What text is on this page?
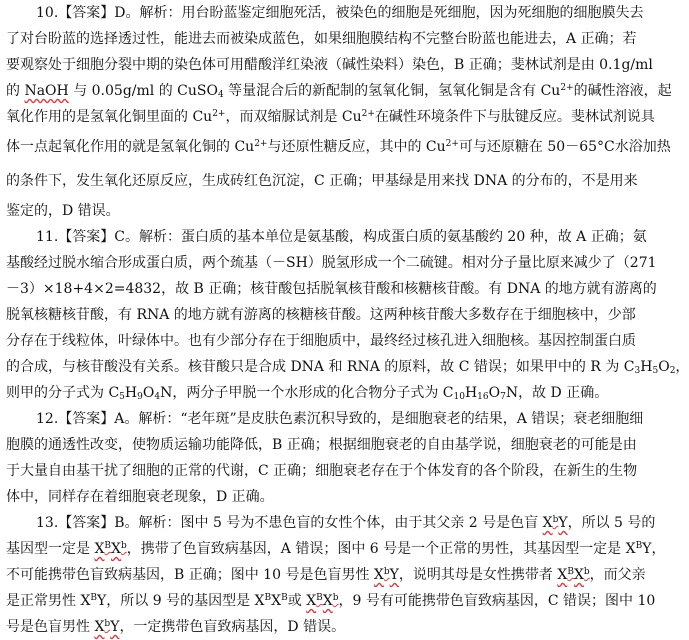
10.【答案】D。解析：用台盼蓝鉴定细胞死活，被染色的细胞是死细胞，因为死细胞的细胞膜失去
了对台盼蓝的选择透过性，能进去而被染成蓝色，如果细胞膜结构不完整台盼蓝也能进去，A 正确；若
要观察处于细胞分裂中期的染色体可用醋酸洋红染液（碱性染料）染色，B 正确；斐林试剂是由 0.1g/ml
的 NaOH 与 0.05g/ml 的 CuSO$_4$ 等量混合后的新配制的氢氧化铜，氢氧化铜是含有 $Cu^{2+}$的碱性溶液，起
氧化作用的是氢氧化铜里面的 $Cu^{2+}$，而双缩脲试剂是 $Cu^{2+}$在碱性环境条件下与肽键反应。斐林试剂说具
体一点起氧化作用的就是氢氧化铜的 $Cu^{2+}$与还原性糖反应，其中的 $Cu^{2+}$可与还原糖在 50－65°C水浴加热
的条件下，发生氧化还原反应，生成砖红色沉淀，C 正确；甲基绿是用来找 DNA 的分布的，不是用来
鉴定的，D 错误。
11.【答案】C。解析：蛋白质的基本单位是氨基酸，构成蛋白质的氨基酸约 20 种，故 A 正确；氨
基酸经过脱水缩合形成蛋白质，两个巯基（－SH）脱氢形成一个二硫键。相对分子量比原来减少了（271
－3）×18+4×2=4832，故 B 正确；核苷酸包括脱氧核苷酸和核糖核苷酸。有 DNA 的地方就有游离的
脱氧核糖核苷酸，有 RNA 的地方就有游离的核糖核苷酸。这两种核苷酸大多数存在于细胞核中，少部
分存在于线粒体，叶绿体中。也有少部分存在于细胞质中，最终经过核孔进入细胞核。基因控制蛋白质
的合成，与核苷酸没有关系。核苷酸只是合成 DNA 和 RNA 的原料，故 C 错误；如果甲中的 R 为 $C_3H_5O_2$，
则甲的分子式为 $C_5H_9O_4N$，两分子甲脱一个水形成的化合物分子式为 $C_{10}H_{16}O_7N$，故 D 正确。
12.【答案】A。解析：“老年斑”是皮肤色素沉积导致的，是细胞衰老的结果，A 错误；衰老细胞细
胞膜的通透性改变，使物质运输功能降低，B 正确；根据细胞衰老的自由基学说，细胞衰老的可能是由
于大量自由基干扰了细胞的正常的代谢，C 正确；细胞衰老存在于个体发育的各个阶段，在新生的生物
体中，同样存在着细胞衰老现象，D 正确。
13.【答案】B。解析：图中 5 号为不患色盲的女性个体，由于其父亲 2 号是色盲 $X^bY$，所以 5 号的
基因型一定是 $X^BX^b$，携带了色盲致病基因，A 错误；图中 6 号是一个正常的男性，其基因型一定是 $X^BY$，
不可能携带色盲致病基因，B 正确；图中 10 号是色盲男性 $X^bY$，说明其母是女性携带者 $X^BX^b$，而父亲
是正常男性 $X^BY$，所以 9 号的基因型是 $X^BX^B$或 $X^BX^b$，9 号有可能携带色盲致病基因，C 错误；图中 10
号是色盲男性 $X^bY$，一定携带色盲致病基因，D 错误。
